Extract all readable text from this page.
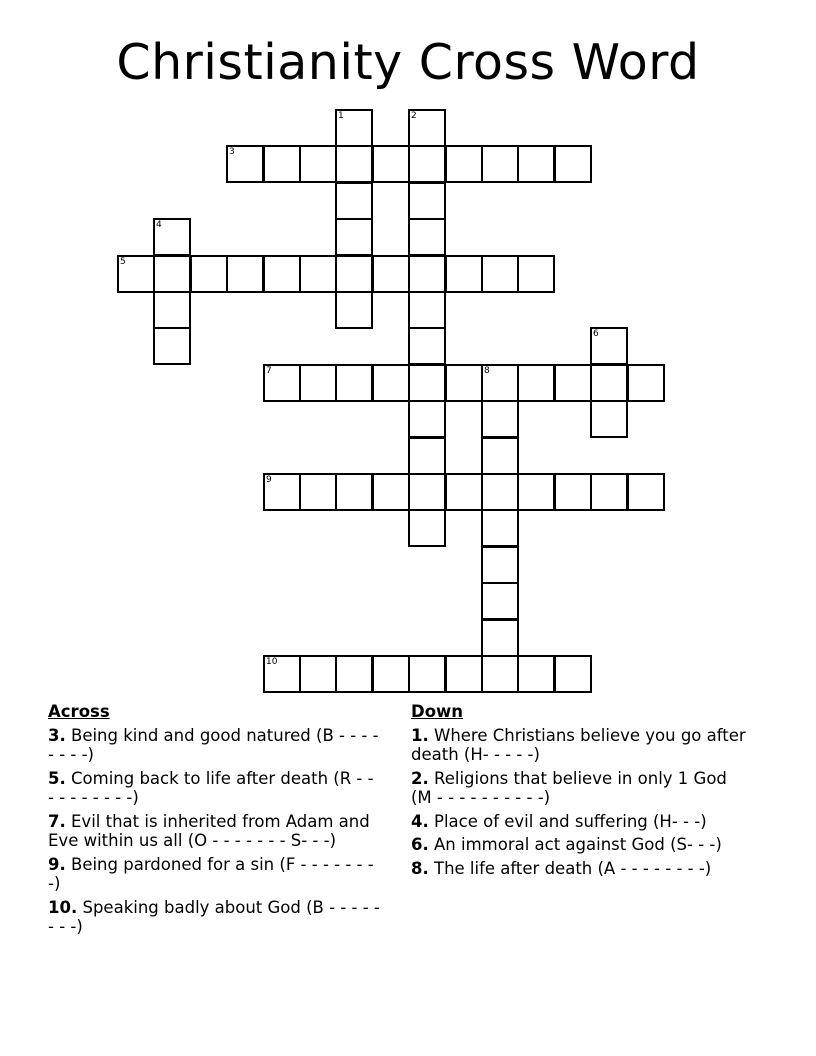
Christianity Cross Word
1	2
3
4
5
6
7	8
9
10
Across
3. Being kind and good natured (B - - - - - - - -)
5. Coming back to life after death (R - - - - - - - - - -)
7. Evil that is inherited from Adam and Eve within us all (O - - - - - - - S- - -)
9. Being pardoned for a sin (F - - - - - - - -)
10. Speaking badly about God (B - - - - - - - -)
Down
1. Where Christians believe you go after death (H- - - - -)
2. Religions that believe in only 1 God (M - - - - - - - - - -)
4. Place of evil and suffering (H- - -)
6. An immoral act against God (S- - -)
8. The life after death (A - - - - - - - -)
